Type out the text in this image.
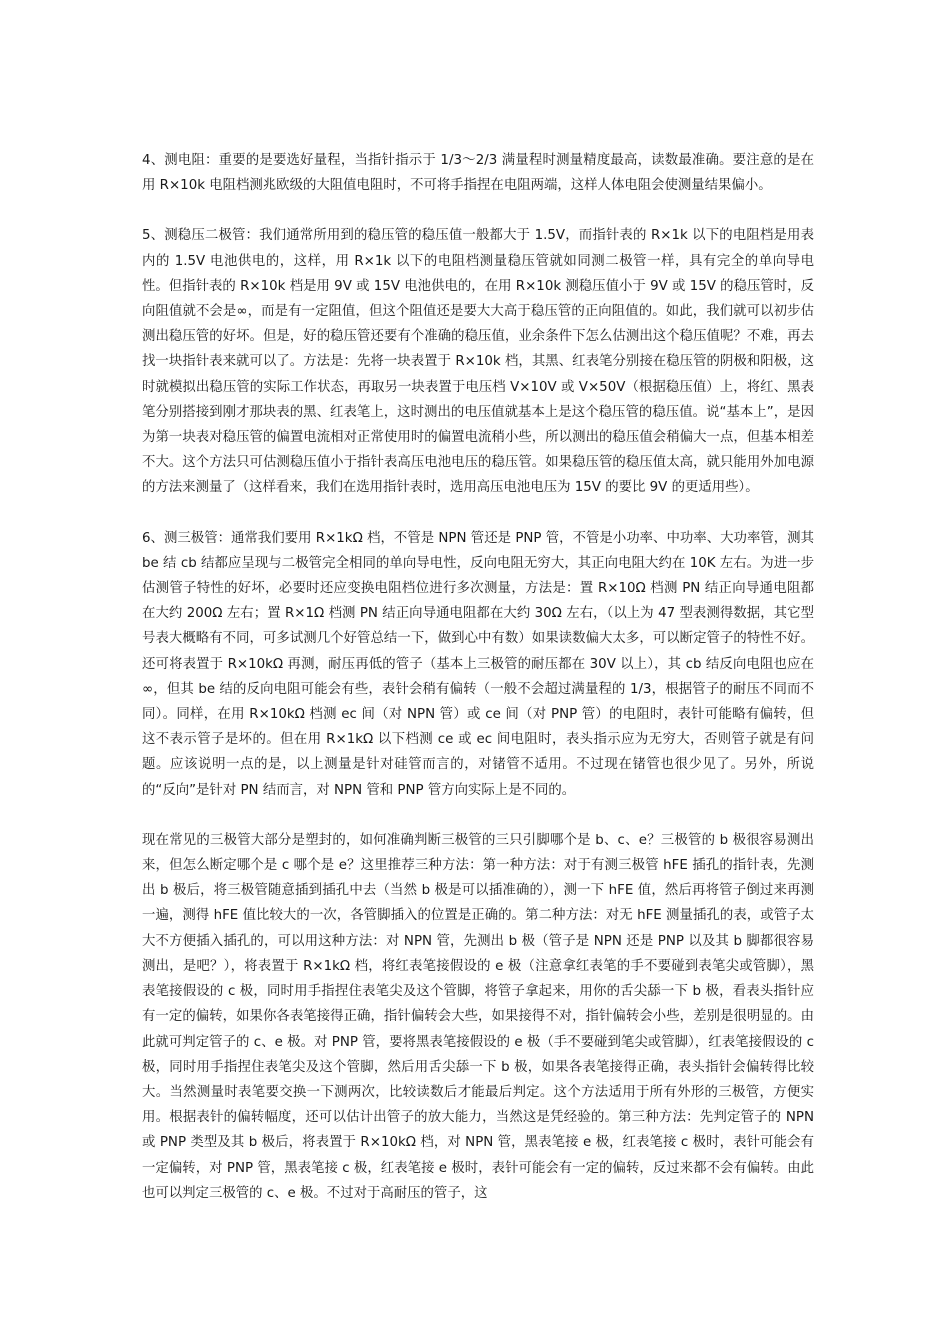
4、测电阻：重要的是要选好量程，当指针指示于 1/3～2/3 满量程时测量精度最高，读数最准确。要注意的是在用 R×10k 电阻档测兆欧级的大阻值电阻时，不可将手指捏在电阻两端，这样人体电阻会使测量结果偏小。

5、测稳压二极管：我们通常所用到的稳压管的稳压值一般都大于 1.5V，而指针表的 R×1k 以下的电阻档是用表内的 1.5V 电池供电的，这样，用 R×1k 以下的电阻档测量稳压管就如同测二极管一样，具有完全的单向导电性。但指针表的 R×10k 档是用 9V 或 15V 电池供电的，在用 R×10k 测稳压值小于 9V 或 15V 的稳压管时，反向阻值就不会是∞，而是有一定阻值，但这个阻值还是要大大高于稳压管的正向阻值的。如此，我们就可以初步估测出稳压管的好坏。但是，好的稳压管还要有个准确的稳压值，业余条件下怎么估测出这个稳压值呢？不难，再去找一块指针表来就可以了。方法是：先将一块表置于 R×10k 档，其黑、红表笔分别接在稳压管的阴极和阳极，这时就模拟出稳压管的实际工作状态，再取另一块表置于电压档 V×10V 或 V×50V（根据稳压值）上，将红、黑表笔分别搭接到刚才那块表的黑、红表笔上，这时测出的电压值就基本上是这个稳压管的稳压值。说“基本上”，是因为第一块表对稳压管的偏置电流相对正常使用时的偏置电流稍小些，所以测出的稳压值会稍偏大一点，但基本相差不大。这个方法只可估测稳压值小于指针表高压电池电压的稳压管。如果稳压管的稳压值太高，就只能用外加电源的方法来测量了（这样看来，我们在选用指针表时，选用高压电池电压为 15V 的要比 9V 的更适用些）。

6、测三极管：通常我们要用 R×1kΩ 档，不管是 NPN 管还是 PNP 管，不管是小功率、中功率、大功率管，测其 be 结 cb 结都应呈现与二极管完全相同的单向导电性，反向电阻无穷大，其正向电阻大约在 10K 左右。为进一步估测管子特性的好坏，必要时还应变换电阻档位进行多次测量，方法是：置 R×10Ω 档测 PN 结正向导通电阻都在大约 200Ω 左右；置 R×1Ω 档测 PN 结正向导通电阻都在大约 30Ω 左右，（以上为 47 型表测得数据，其它型号表大概略有不同，可多试测几个好管总结一下，做到心中有数）如果读数偏大太多，可以断定管子的特性不好。还可将表置于 R×10kΩ 再测，耐压再低的管子（基本上三极管的耐压都在 30V 以上），其 cb 结反向电阻也应在∞，但其 be 结的反向电阻可能会有些，表针会稍有偏转（一般不会超过满量程的 1/3，根据管子的耐压不同而不同）。同样，在用 R×10kΩ 档测 ec 间（对 NPN 管）或 ce 间（对 PNP 管）的电阻时，表针可能略有偏转，但这不表示管子是坏的。但在用 R×1kΩ 以下档测 ce 或 ec 间电阻时，表头指示应为无穷大，否则管子就是有问题。应该说明一点的是，以上测量是针对硅管而言的，对锗管不适用。不过现在锗管也很少见了。另外，所说的“反向”是针对 PN 结而言，对 NPN 管和 PNP 管方向实际上是不同的。

现在常见的三极管大部分是塑封的，如何准确判断三极管的三只引脚哪个是 b、c、e？三极管的 b 极很容易测出来，但怎么断定哪个是 c 哪个是 e？这里推荐三种方法：第一种方法：对于有测三极管 hFE 插孔的指针表，先测出 b 极后，将三极管随意插到插孔中去（当然 b 极是可以插准确的），测一下 hFE 值，然后再将管子倒过来再测一遍，测得 hFE 值比较大的一次，各管脚插入的位置是正确的。第二种方法：对无 hFE 测量插孔的表，或管子太大不方便插入插孔的，可以用这种方法：对 NPN 管，先测出 b 极（管子是 NPN 还是 PNP 以及其 b 脚都很容易测出，是吧？），将表置于 R×1kΩ 档，将红表笔接假设的 e 极（注意拿红表笔的手不要碰到表笔尖或管脚），黑表笔接假设的 c 极，同时用手指捏住表笔尖及这个管脚，将管子拿起来，用你的舌尖舔一下 b 极，看表头指针应有一定的偏转，如果你各表笔接得正确，指针偏转会大些，如果接得不对，指针偏转会小些，差别是很明显的。由此就可判定管子的 c、e 极。对 PNP 管，要将黑表笔接假设的 e 极（手不要碰到笔尖或管脚），红表笔接假设的 c 极，同时用手指捏住表笔尖及这个管脚，然后用舌尖舔一下 b 极，如果各表笔接得正确，表头指针会偏转得比较大。当然测量时表笔要交换一下测两次，比较读数后才能最后判定。这个方法适用于所有外形的三极管，方便实用。根据表针的偏转幅度，还可以估计出管子的放大能力，当然这是凭经验的。第三种方法：先判定管子的 NPN 或 PNP 类型及其 b 极后，将表置于 R×10kΩ 档，对 NPN 管，黑表笔接 e 极，红表笔接 c 极时，表针可能会有一定偏转，对 PNP 管，黑表笔接 c 极，红表笔接 e 极时，表针可能会有一定的偏转，反过来都不会有偏转。由此也可以判定三极管的 c、e 极。不过对于高耐压的管子，这
